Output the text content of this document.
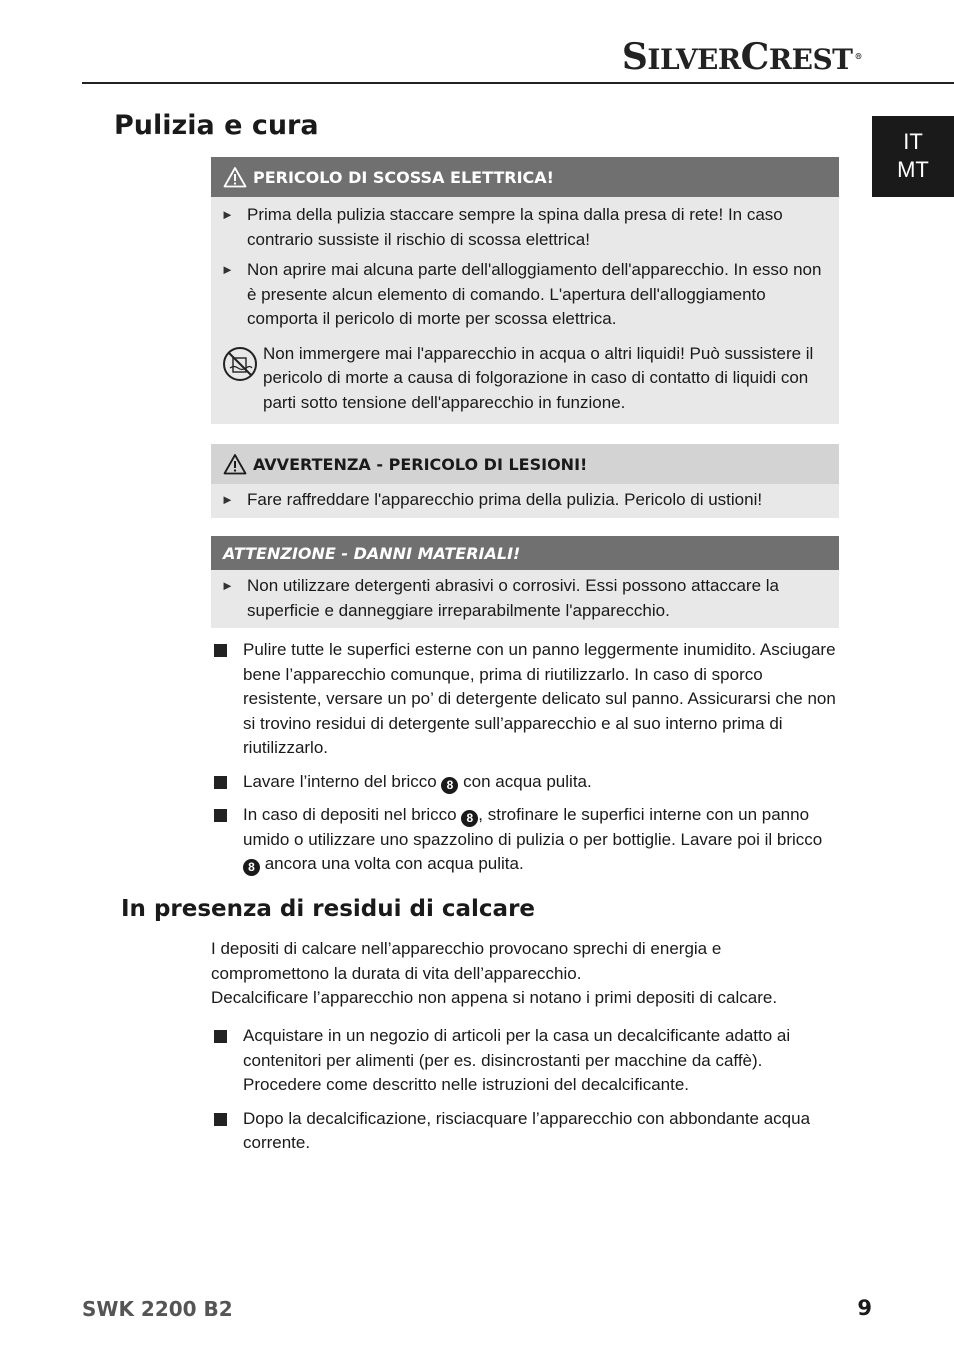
SILVERCREST ®
IT
MT
Pulizia e cura
PERICOLO DI SCOSSA ELETTRICA!
► Prima della pulizia staccare sempre la spina dalla presa di rete! In caso contrario sussiste il rischio di scossa elettrica!
► Non aprire mai alcuna parte dell'alloggiamento dell'apparecchio. In esso non è presente alcun elemento di comando. L'apertura dell'alloggiamento comporta il pericolo di morte per scossa elettrica.
Non immergere mai l'apparecchio in acqua o altri liquidi! Può sussistere il pericolo di morte a causa di folgorazione in caso di contatto di liquidi con parti sotto tensione dell'apparecchio in funzione.
AVVERTENZA - PERICOLO DI LESIONI!
► Fare raffreddare l'apparecchio prima della pulizia. Pericolo di ustioni!
ATTENZIONE - DANNI MATERIALI!
► Non utilizzare detergenti abrasivi o corrosivi. Essi possono attaccare la superficie e danneggiare irreparabilmente l'apparecchio.
Pulire tutte le superfici esterne con un panno leggermente inumidito. Asciugare bene l’apparecchio comunque, prima di riutilizzarlo. In caso di sporco resistente, versare un po’ di detergente delicato sul panno. Assicurarsi che non si trovino residui di detergente sull’apparecchio e al suo interno prima di riutilizzarlo.
Lavare l’interno del bricco 8 con acqua pulita.
In caso di depositi nel bricco 8 , strofinare le superfici interne con un panno umido o utilizzare uno spazzolino di pulizia o per bottiglie. Lavare poi il bricco 8 ancora una volta con acqua pulita.
In presenza di residui di calcare
I depositi di calcare nell’apparecchio provocano sprechi di energia e compromettono la durata di vita dell’apparecchio.
Decalcificare l’apparecchio non appena si notano i primi depositi di calcare.
Acquistare in un negozio di articoli per la casa un decalcificante adatto ai contenitori per alimenti (per es. disincrostanti per macchine da caffè). Procedere come descritto nelle istruzioni del decalcificante.
Dopo la decalcificazione, risciacquare l’apparecchio con abbondante acqua corrente.
SWK 2200 B2	9
